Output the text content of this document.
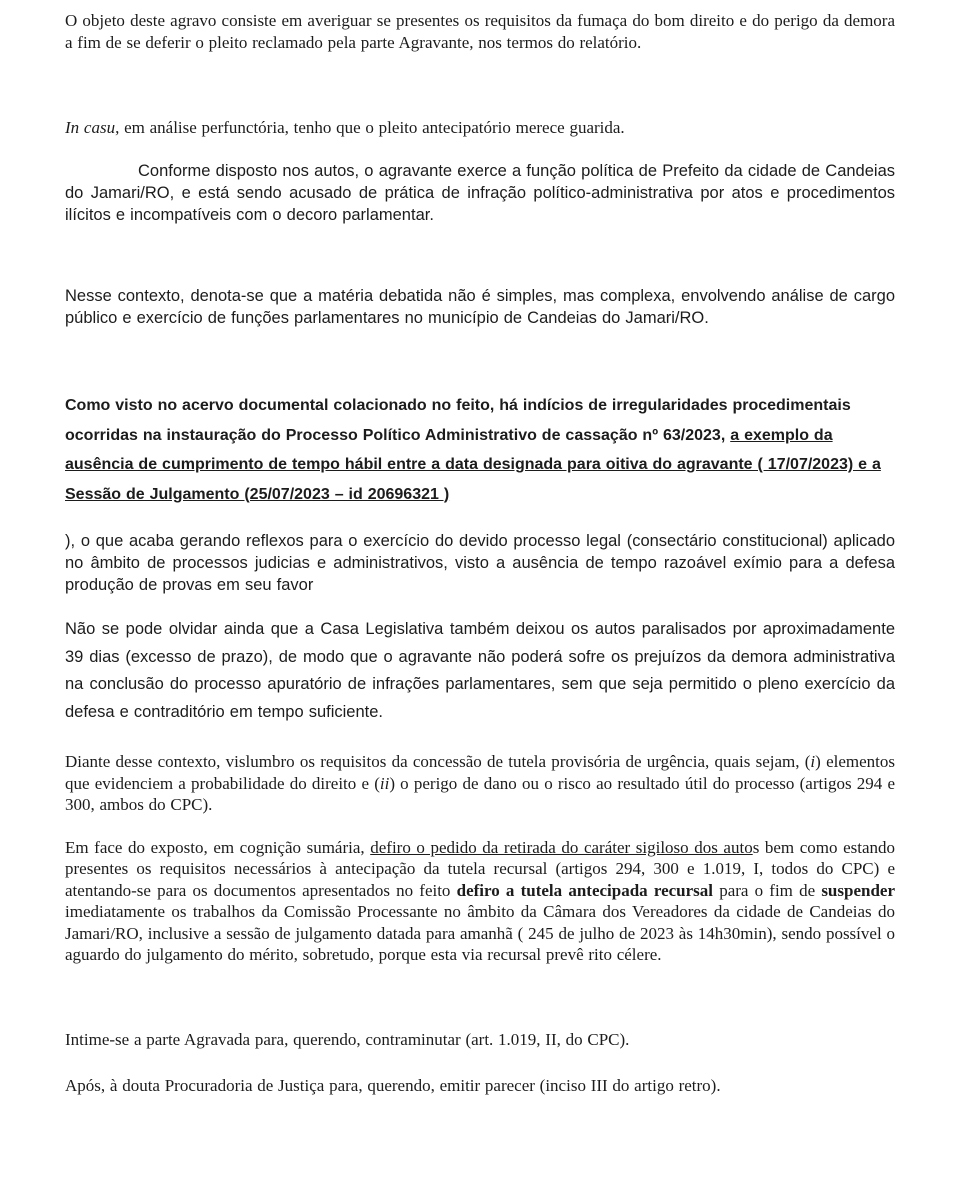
O objeto deste agravo consiste em averiguar se presentes os requisitos da fumaça do bom direito e do perigo da demora a fim de se deferir o pleito reclamado pela parte Agravante, nos termos do relatório.

In casu, em análise perfunctória, tenho que o pleito antecipatório merece guarida.

Conforme disposto nos autos, o agravante exerce a função política de Prefeito da cidade de Candeias do Jamari/RO, e está sendo acusado de prática de infração político-administrativa por atos e procedimentos ilícitos e incompatíveis com o decoro parlamentar.

Nesse contexto, denota-se que a matéria debatida não é simples, mas complexa, envolvendo análise de cargo público e exercício de funções parlamentares no município de Candeias do Jamari/RO.

Como visto no acervo documental colacionado no feito, há indícios de irregularidades procedimentais ocorridas na instauração do Processo Político Administrativo de cassação nº 63/2023, a exemplo da ausência de cumprimento de tempo hábil entre a data designada para oitiva do agravante ( 17/07/2023) e a Sessão de Julgamento (25/07/2023 – id 20696321 )

), o que acaba gerando reflexos para o exercício do devido processo legal (consectário constitucional) aplicado no âmbito de processos judicias e administrativos, visto a ausência de tempo razoável exímio para a defesa produção de provas em seu favor

Não se pode olvidar ainda que a Casa Legislativa também deixou os autos paralisados por aproximadamente 39 dias (excesso de prazo), de modo que o agravante não poderá sofre os prejuízos da demora administrativa na conclusão do processo apuratório de infrações parlamentares, sem que seja permitido o pleno exercício da defesa e contraditório em tempo suficiente.

Diante desse contexto, vislumbro os requisitos da concessão de tutela provisória de urgência, quais sejam, (i) elementos que evidenciem a probabilidade do direito e (ii) o perigo de dano ou o risco ao resultado útil do processo (artigos 294 e 300, ambos do CPC).

Em face do exposto, em cognição sumária, defiro o pedido da retirada do caráter sigiloso dos autos bem como estando presentes os requisitos necessários à antecipação da tutela recursal (artigos 294, 300 e 1.019, I, todos do CPC) e atentando-se para os documentos apresentados no feito defiro a tutela antecipada recursal para o fim de suspender imediatamente os trabalhos da Comissão Processante no âmbito da Câmara dos Vereadores da cidade de Candeias do Jamari/RO, inclusive a sessão de julgamento datada para amanhã ( 245 de julho de 2023 às 14h30min), sendo possível o aguardo do julgamento do mérito, sobretudo, porque esta via recursal prevê rito célere.

Intime-se a parte Agravada para, querendo, contraminutar (art. 1.019, II, do CPC).

Após, à douta Procuradoria de Justiça para, querendo, emitir parecer (inciso III do artigo retro).
